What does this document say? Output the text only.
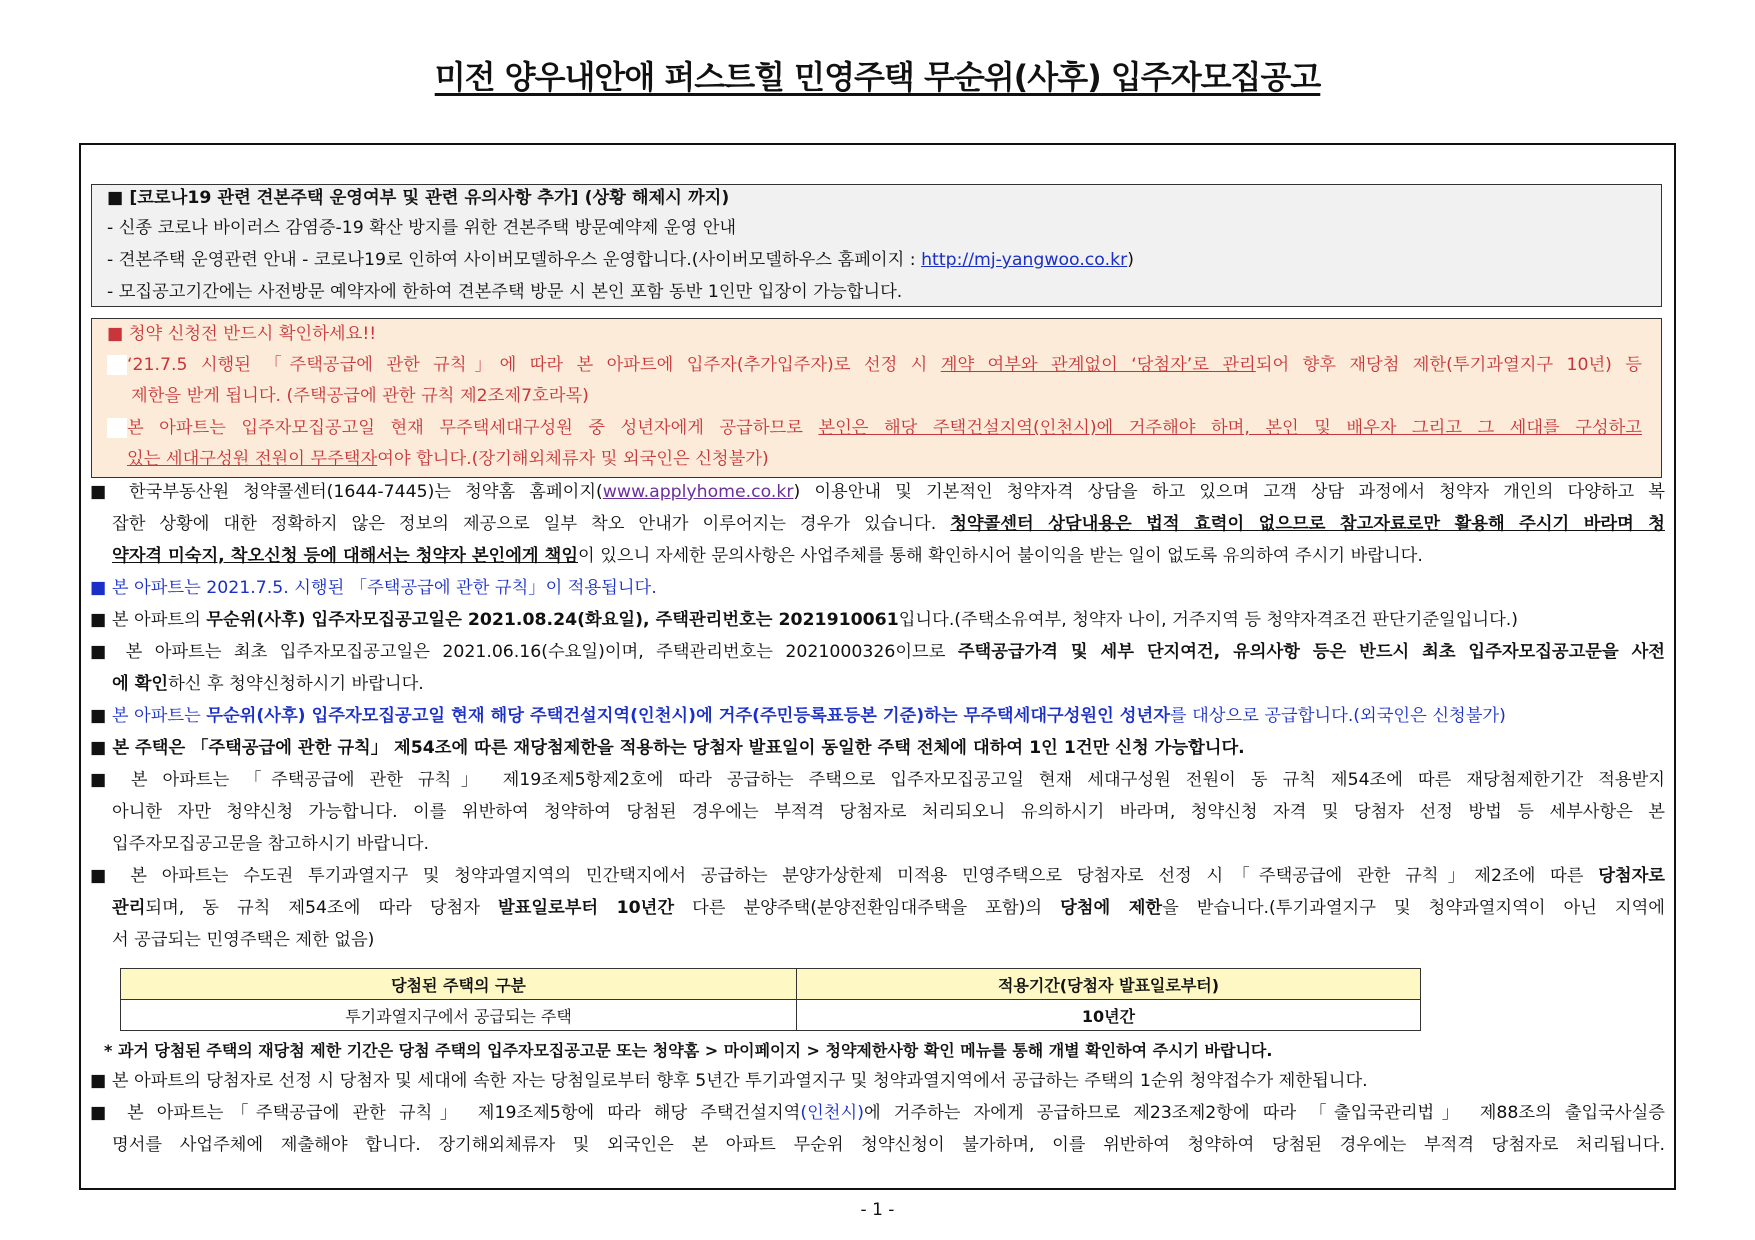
미전 양우내안애 퍼스트힐 민영주택 무순위(사후) 입주자모집공고
■ [코로나19 관련 견본주택 운영여부 및 관련 유의사항 추가] (상황 해제시 까지)
- 신종 코로나 바이러스 감염증-19 확산 방지를 위한 견본주택 방문예약제 운영 안내
- 견본주택 운영관련 안내 - 코로나19로 인하여 사이버모델하우스 운영합니다.(사이버모델하우스 홈페이지 : http://mj-yangwoo.co.kr)
- 모집공고기간에는 사전방문 예약자에 한하여 견본주택 방문 시 본인 포함 동반 1인만 입장이 가능합니다.
■ 청약 신청전 반드시 확인하세요!!
‘21.7.5 시행된 「주택공급에 관한 규칙」에 따라 본 아파트에 입주자(추가입주자)로 선정 시 계약 여부와 관계없이 ‘당첨자’로 관리되어 향후 재당첨 제한(투기과열지구 10년) 등
제한을 받게 됩니다. (주택공급에 관한 규칙 제2조제7호라목)
본 아파트는 입주자모집공고일 현재 무주택세대구성원 중 성년자에게 공급하므로 본인은 해당 주택건설지역(인천시)에 거주해야 하며, 본인 및 배우자 그리고 그 세대를 구성하고
있는 세대구성원 전원이 무주택자여야 합니다.(장기해외체류자 및 외국인은 신청불가)
■ 한국부동산원 청약콜센터(1644-7445)는 청약홈 홈페이지(www.applyhome.co.kr) 이용안내 및 기본적인 청약자격 상담을 하고 있으며 고객 상담 과정에서 청약자 개인의 다양하고 복
잡한 상황에 대한 정확하지 않은 정보의 제공으로 일부 착오 안내가 이루어지는 경우가 있습니다. 청약콜센터 상담내용은 법적 효력이 없으므로 참고자료로만 활용해 주시기 바라며 청
약자격 미숙지, 착오신청 등에 대해서는 청약자 본인에게 책임이 있으니 자세한 문의사항은 사업주체를 통해 확인하시어 불이익을 받는 일이 없도록 유의하여 주시기 바랍니다.
■ 본 아파트는 2021.7.5. 시행된 「주택공급에 관한 규칙」이 적용됩니다.
■ 본 아파트의 무순위(사후) 입주자모집공고일은 2021.08.24(화요일), 주택관리번호는 2021910061입니다.(주택소유여부, 청약자 나이, 거주지역 등 청약자격조건 판단기준일입니다.)
■ 본 아파트는 최초 입주자모집공고일은 2021.06.16(수요일)이며, 주택관리번호는 2021000326이므로 주택공급가격 및 세부 단지여건, 유의사항 등은 반드시 최초 입주자모집공고문을 사전
에 확인하신 후 청약신청하시기 바랍니다.
■ 본 아파트는 무순위(사후) 입주자모집공고일 현재 해당 주택건설지역(인천시)에 거주(주민등록표등본 기준)하는 무주택세대구성원인 성년자를 대상으로 공급합니다.(외국인은 신청불가)
■ 본 주택은 「주택공급에 관한 규칙」 제54조에 따른 재당첨제한을 적용하는 당첨자 발표일이 동일한 주택 전체에 대하여 1인 1건만 신청 가능합니다.
■ 본 아파트는 「주택공급에 관한 규칙」 제19조제5항제2호에 따라 공급하는 주택으로 입주자모집공고일 현재 세대구성원 전원이 동 규칙 제54조에 따른 재당첨제한기간 적용받지
아니한 자만 청약신청 가능합니다. 이를 위반하여 청약하여 당첨된 경우에는 부적격 당첨자로 처리되오니 유의하시기 바라며, 청약신청 자격 및 당첨자 선정 방법 등 세부사항은 본
입주자모집공고문을 참고하시기 바랍니다.
■ 본 아파트는 수도권 투기과열지구 및 청약과열지역의 민간택지에서 공급하는 분양가상한제 미적용 민영주택으로 당첨자로 선정 시「주택공급에 관한 규칙」제2조에 따른 당첨자로
관리되며, 동 규칙 제54조에 따라 당첨자 발표일로부터 10년간 다른 분양주택(분양전환임대주택을 포함)의 당첨에 제한을 받습니다.(투기과열지구 및 청약과열지역이 아닌 지역에
서 공급되는 민영주택은 제한 없음)
당첨된 주택의 구분	적용기간(당첨자 발표일로부터)
투기과열지구에서 공급되는 주택	10년간
* 과거 당첨된 주택의 재당첨 제한 기간은 당첨 주택의 입주자모집공고문 또는 청약홈 > 마이페이지 > 청약제한사항 확인 메뉴를 통해 개별 확인하여 주시기 바랍니다.
■ 본 아파트의 당첨자로 선정 시 당첨자 및 세대에 속한 자는 당첨일로부터 향후 5년간 투기과열지구 및 청약과열지역에서 공급하는 주택의 1순위 청약접수가 제한됩니다.
■ 본 아파트는「주택공급에 관한 규칙」 제19조제5항에 따라 해당 주택건설지역(인천시)에 거주하는 자에게 공급하므로 제23조제2항에 따라 「출입국관리법」 제88조의 출입국사실증
명서를 사업주체에 제출해야 합니다. 장기해외체류자 및 외국인은 본 아파트 무순위 청약신청이 불가하며, 이를 위반하여 청약하여 당첨된 경우에는 부적격 당첨자로 처리됩니다.
- 1 -
